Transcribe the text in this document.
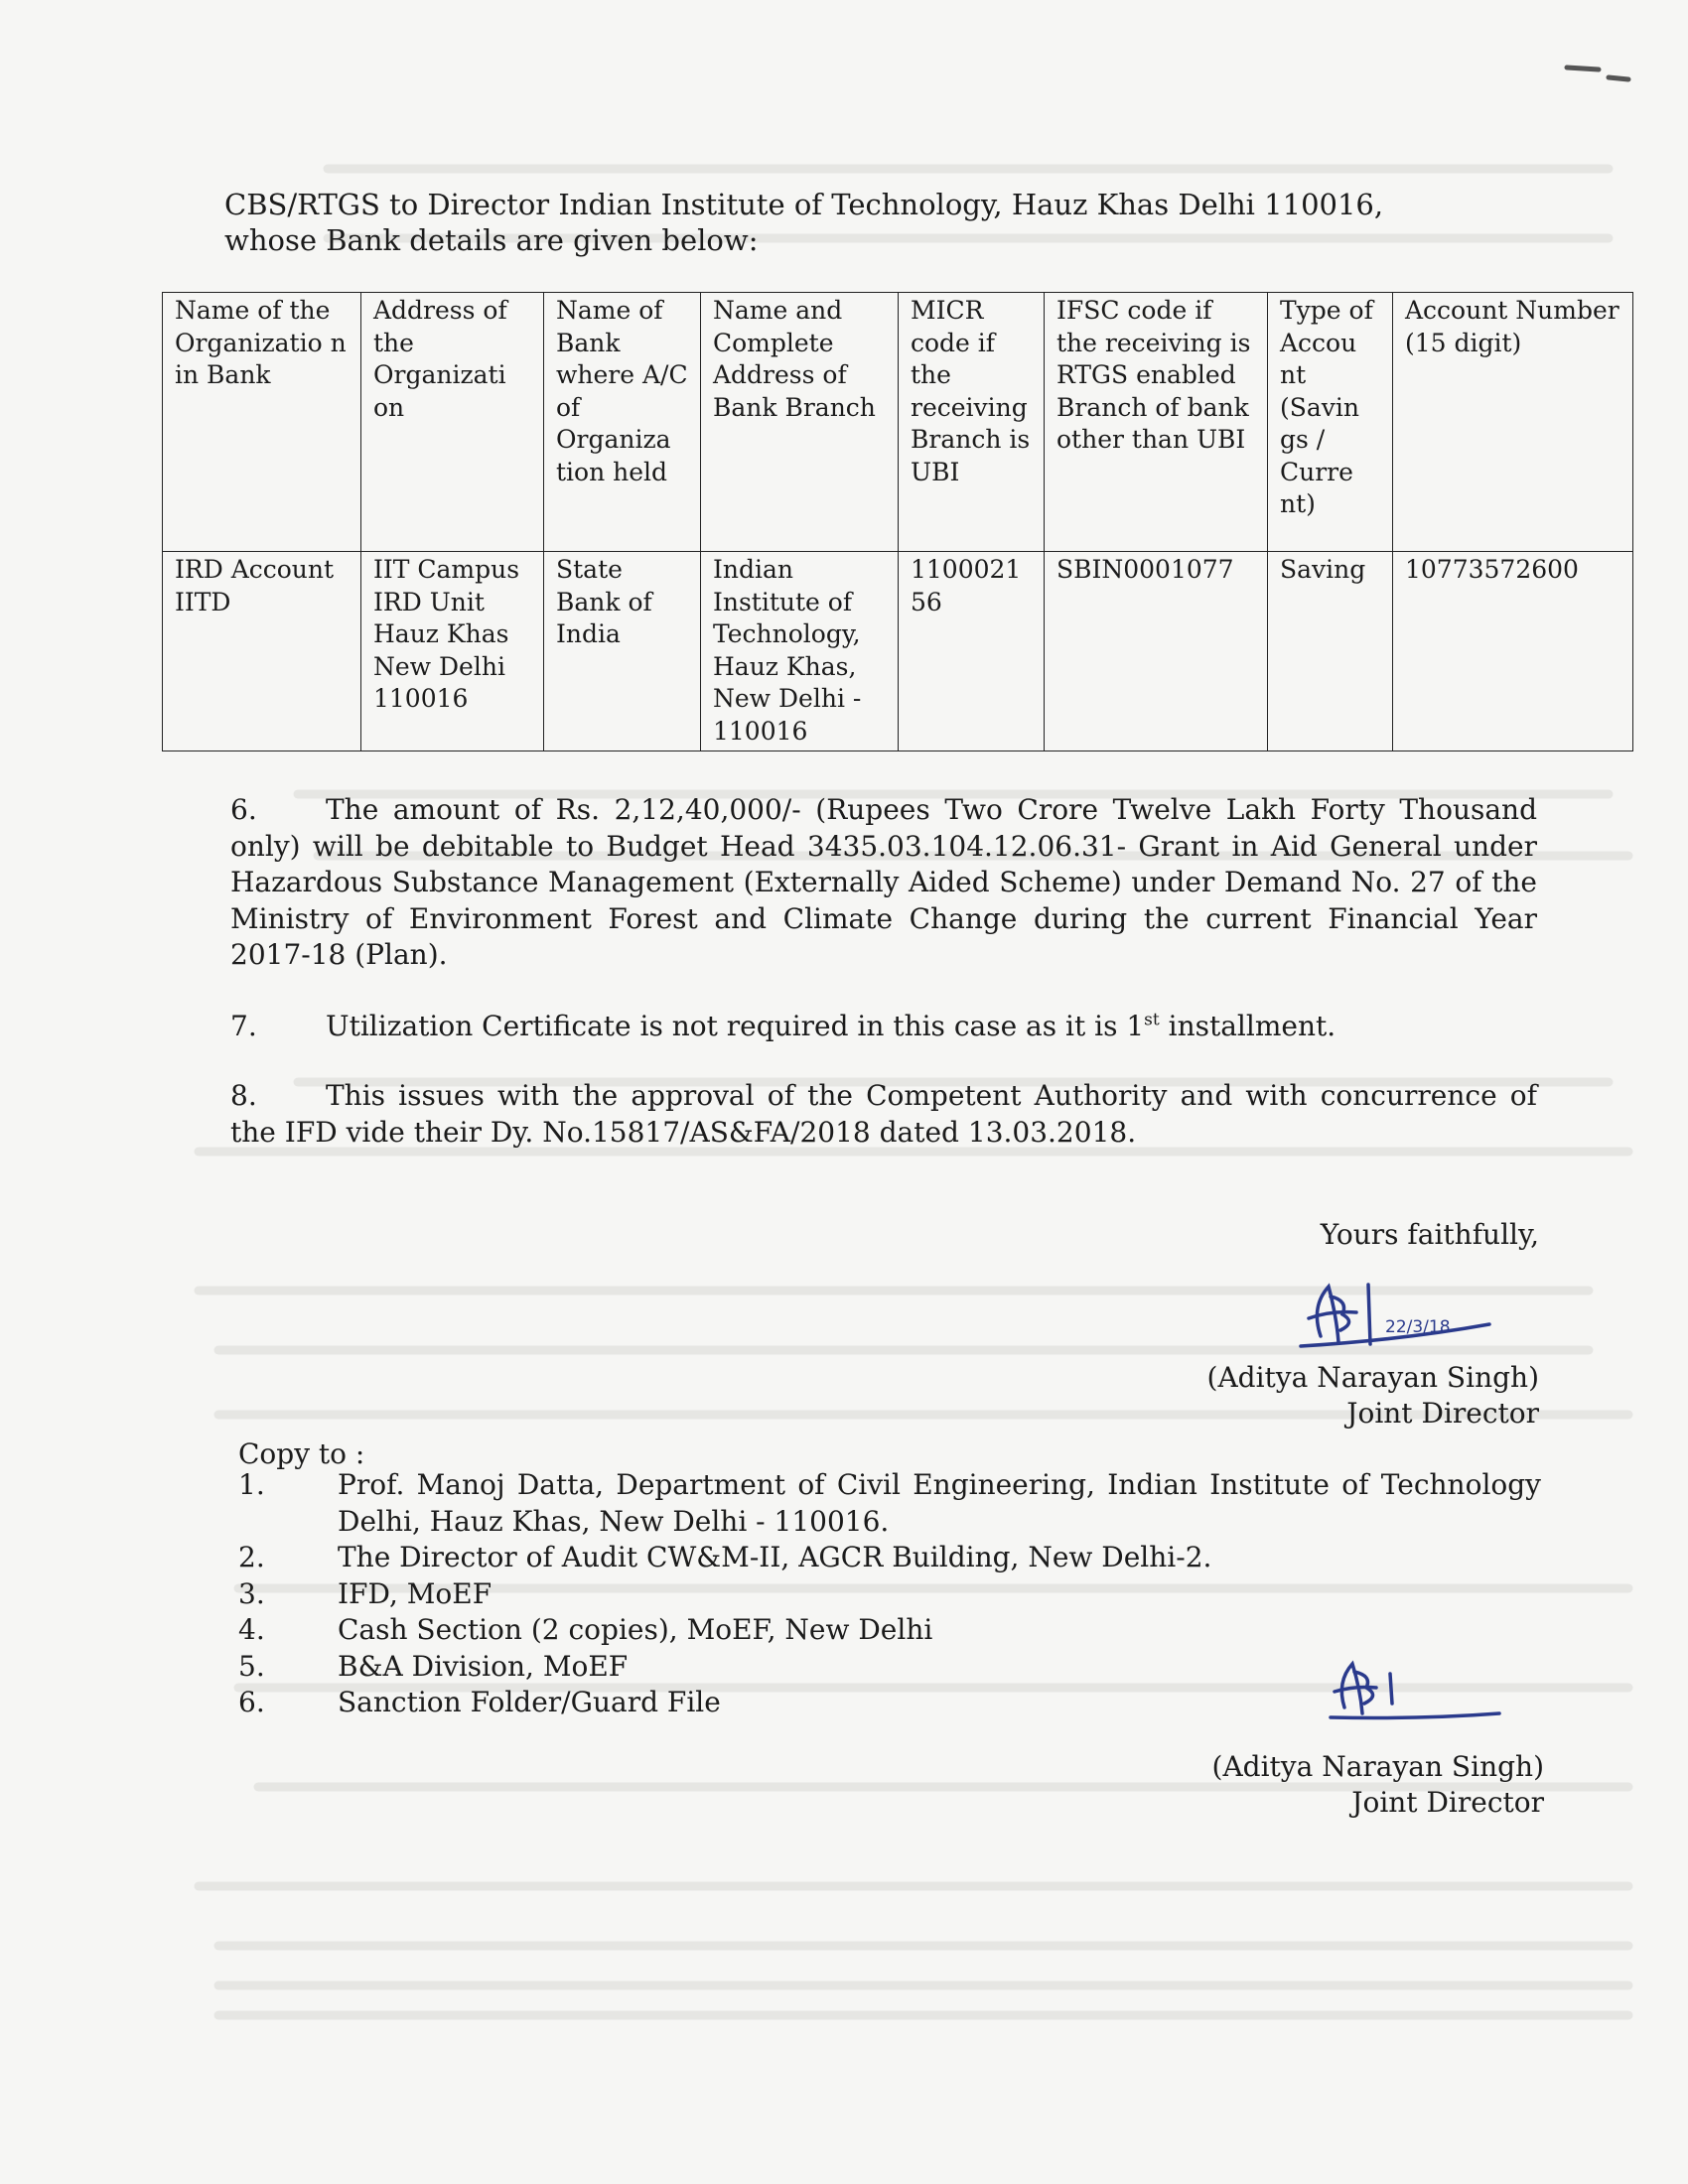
CBS/RTGS to Director Indian Institute of Technology, Hauz Khas Delhi 110016,

whose Bank details are given below:

Name of the Organizatio n in Bank	Address of the Organizati on	Name of Bank where A/C of Organiza tion held	Name and Complete Address of Bank Branch	MICR code if the receiving Branch is UBI	IFSC code if the receiving is RTGS enabled Branch of bank other than UBI	Type of Accou nt (Savin gs / Curre nt)	Account Number (15 digit)
IRD Account IITD	IIT Campus IRD Unit Hauz Khas New Delhi 110016	State Bank of India	Indian Institute of Technology, Hauz Khas, New Delhi - 110016	1100021 56	SBIN0001077	Saving	10773572600

6. The amount of Rs. 2,12,40,000/- (Rupees Two Crore Twelve Lakh Forty Thousand only) will be debitable to Budget Head 3435.03.104.12.06.31- Grant in Aid General under Hazardous Substance Management (Externally Aided Scheme) under Demand No. 27 of the Ministry of Environment Forest and Climate Change during the current Financial Year 2017-18 (Plan).

7. Utilization Certificate is not required in this case as it is 1st installment.

8. This issues with the approval of the Competent Authority and with concurrence of the IFD vide their Dy. No.15817/AS&FA/2018 dated 13.03.2018.

Yours faithfully,
22/3/18
(Aditya Narayan Singh)
Joint Director
Copy to :
1.	Prof. Manoj Datta, Department of Civil Engineering, Indian Institute of Technology Delhi, Hauz Khas, New Delhi - 110016.
2.	The Director of Audit CW&M-II, AGCR Building, New Delhi-2.
3.	IFD, MoEF
4.	Cash Section (2 copies), MoEF, New Delhi
5.	B&A Division, MoEF
6.	Sanction Folder/Guard File
(Aditya Narayan Singh)
Joint Director
